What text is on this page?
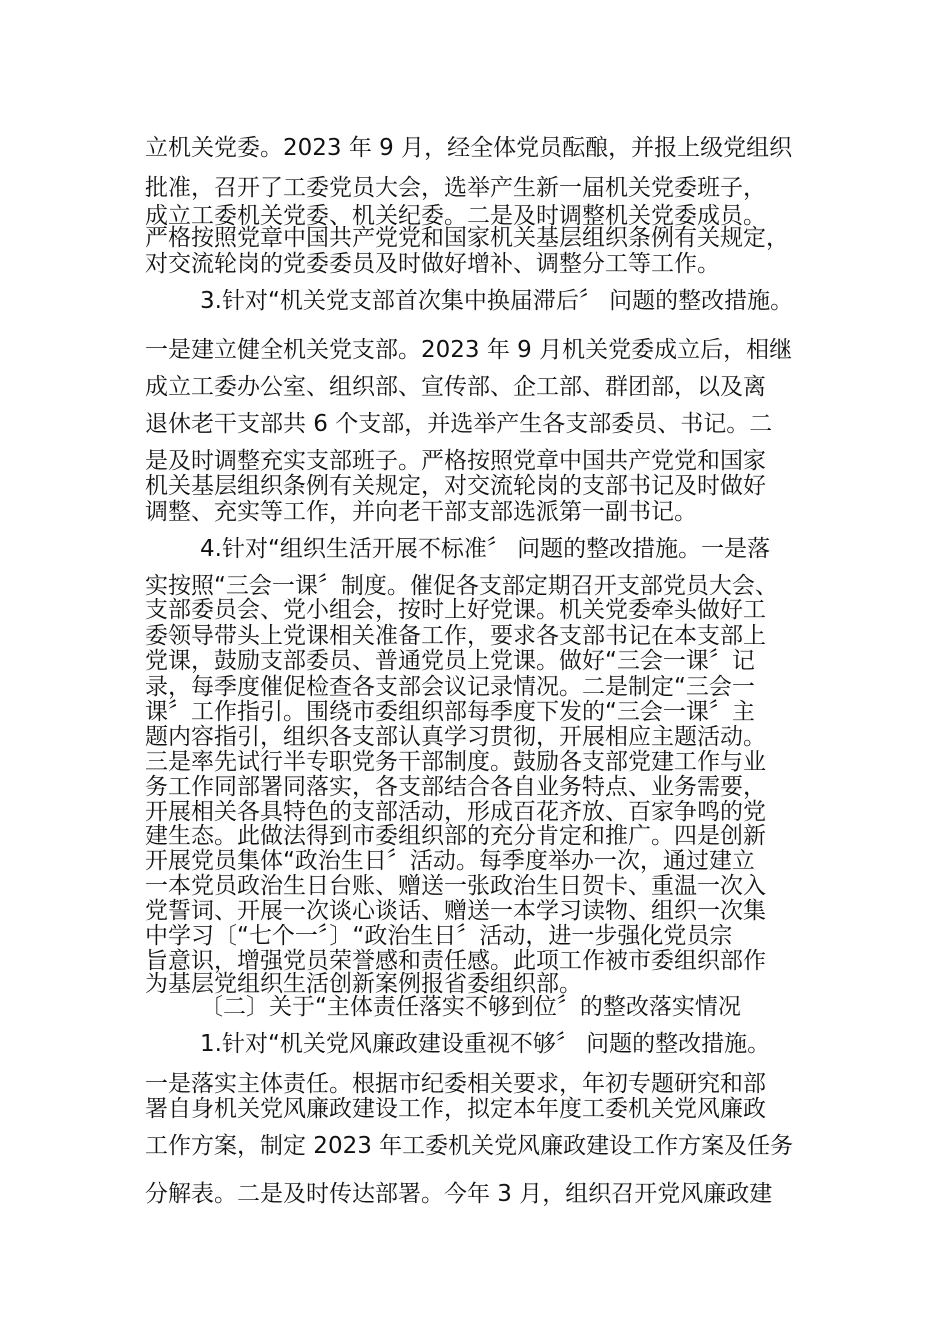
立机关党委。2023 年 9 月，经全体党员酝酿，并报上级党组织
批准，召开了工委党员大会，选举产生新一届机关党委班子，
成立工委机关党委、机关纪委。二是及时调整机关党委成员。
严格按照党章中国共产党党和国家机关基层组织条例有关规定，
对交流轮岗的党委委员及时做好增补、调整分工等工作。
3.针对“机关党支部首次集中换届滞后〞 问题的整改措施。
一是建立健全机关党支部。2023 年 9 月机关党委成立后，相继
成立工委办公室、组织部、宣传部、企工部、群团部，以及离
退休老干支部共 6 个支部，并选举产生各支部委员、书记。二
是及时调整充实支部班子。严格按照党章中国共产党党和国家
机关基层组织条例有关规定，对交流轮岗的支部书记及时做好
调整、充实等工作，并向老干部支部选派第一副书记。
4.针对“组织生活开展不标准〞 问题的整改措施。一是落
实按照“三会一课〞制度。催促各支部定期召开支部党员大会、
支部委员会、党小组会，按时上好党课。机关党委牵头做好工
委领导带头上党课相关准备工作，要求各支部书记在本支部上
党课，鼓励支部委员、普通党员上党课。做好“三会一课〞记
录，每季度催促检查各支部会议记录情况。二是制定“三会一
课〞工作指引。围绕市委组织部每季度下发的“三会一课〞主
题内容指引，组织各支部认真学习贯彻，开展相应主题活动。
三是率先试行半专职党务干部制度。鼓励各支部党建工作与业
务工作同部署同落实，各支部结合各自业务特点、业务需要，
开展相关各具特色的支部活动，形成百花齐放、百家争鸣的党
建生态。此做法得到市委组织部的充分肯定和推广。四是创新
开展党员集体“政治生日〞活动。每季度举办一次，通过建立
一本党员政治生日台账、赠送一张政治生日贺卡、重温一次入
党誓词、开展一次谈心谈话、赠送一本学习读物、组织一次集
中学习〔“七个一〞〕“政治生日〞活动，进一步强化党员宗
旨意识，增强党员荣誉感和责任感。此项工作被市委组织部作
为基层党组织生活创新案例报省委组织部。
〔二〕关于“主体责任落实不够到位〞的整改落实情况
1.针对“机关党风廉政建设重视不够〞 问题的整改措施。
一是落实主体责任。根据市纪委相关要求，年初专题研究和部
署自身机关党风廉政建设工作，拟定本年度工委机关党风廉政
工作方案，制定 2023 年工委机关党风廉政建设工作方案及任务
分解表。二是及时传达部署。今年 3 月，组织召开党风廉政建
